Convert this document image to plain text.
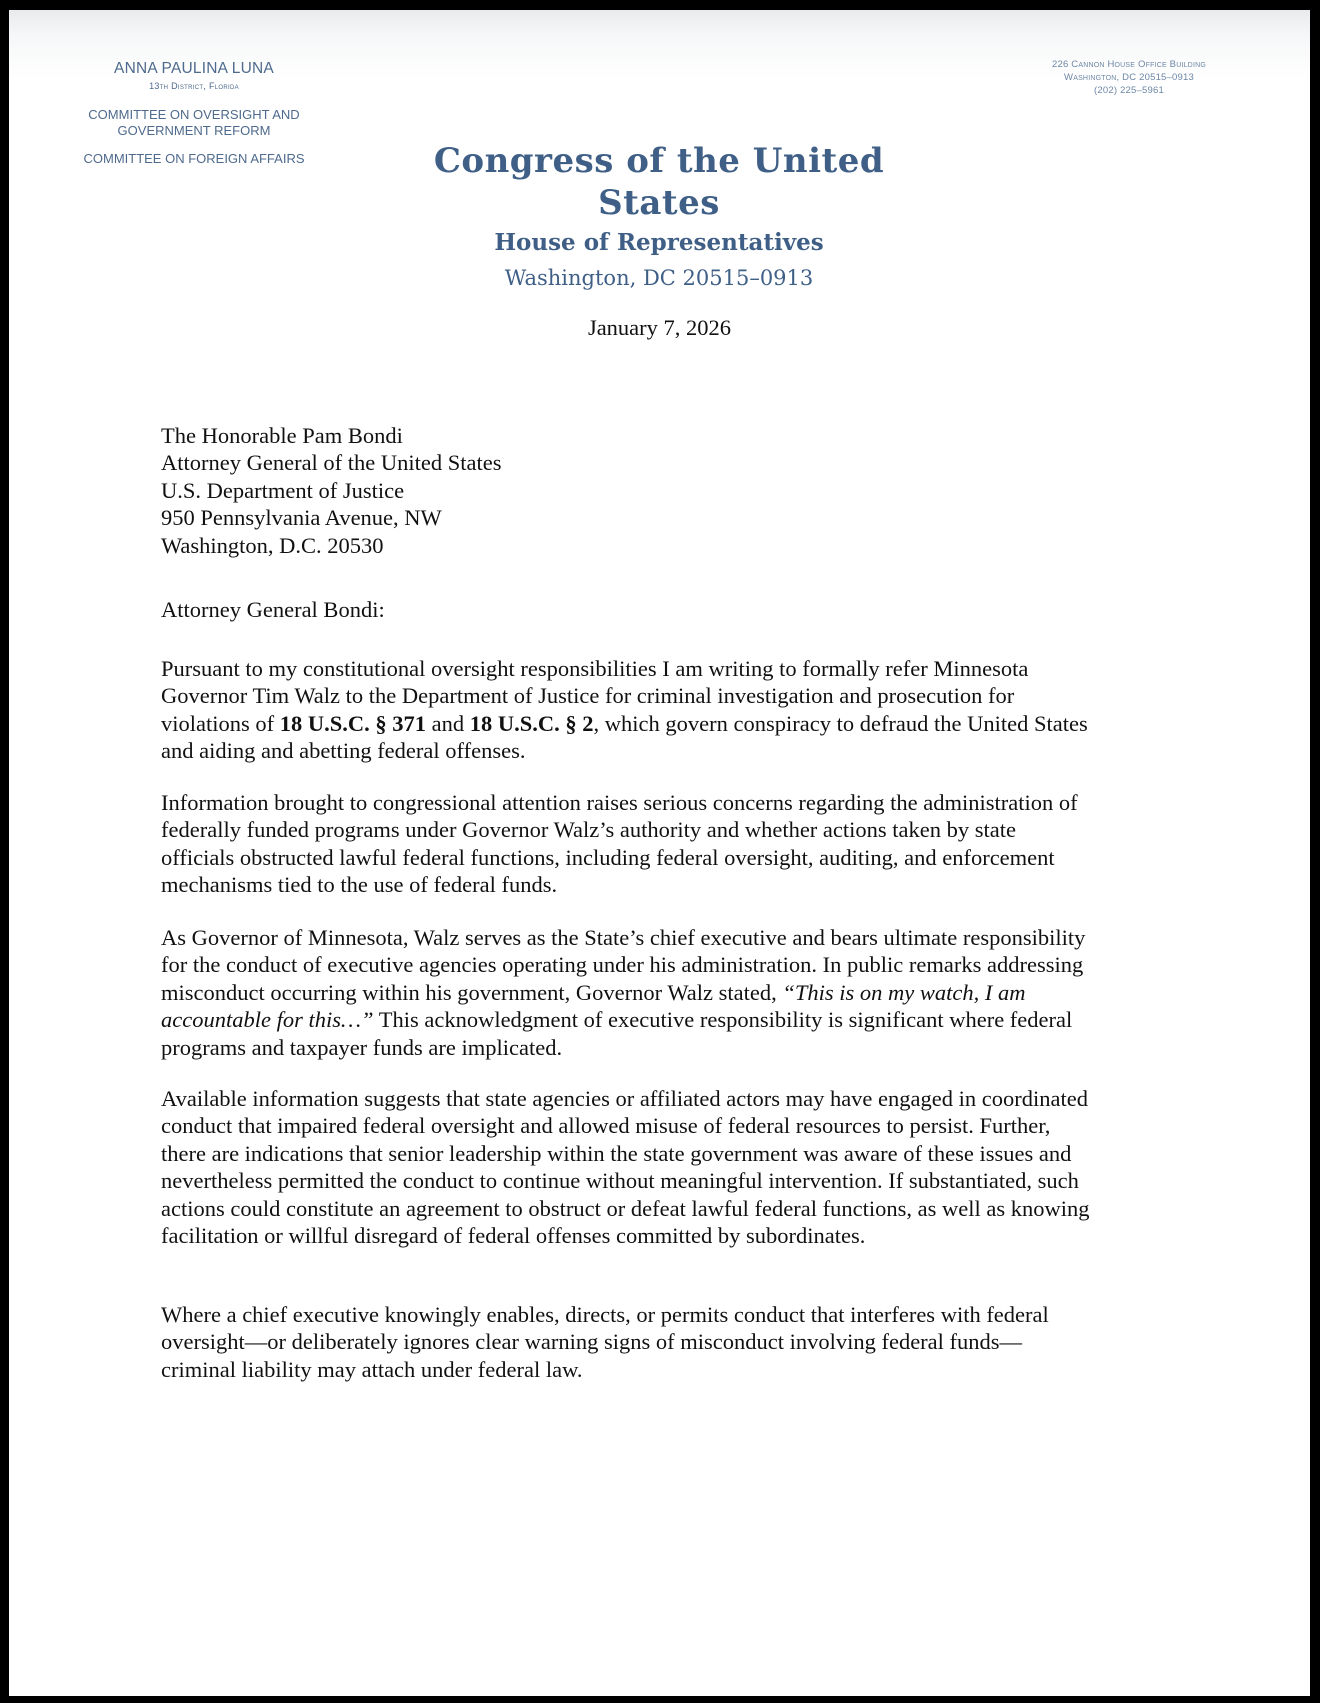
ANNA PAULINA LUNA
13th District, Florida
COMMITTEE ON OVERSIGHT AND
GOVERNMENT REFORM
COMMITTEE ON FOREIGN AFFAIRS	Congress of the United States
House of Representatives
Washington, DC 20515–0913
226 Cannon House Office Building
Washington, DC 20515–0913
(202) 225–5961
January 7, 2026
The Honorable Pam Bondi
Attorney General of the United States
U.S. Department of Justice
950 Pennsylvania Avenue, NW
Washington, D.C. 20530
Attorney General Bondi:
Pursuant to my constitutional oversight responsibilities I am writing to formally refer Minnesota Governor Tim Walz to the Department of Justice for criminal investigation and prosecution for violations of 18 U.S.C. § 371 and 18 U.S.C. § 2, which govern conspiracy to defraud the United States and aiding and abetting federal offenses.
Information brought to congressional attention raises serious concerns regarding the administration of federally funded programs under Governor Walz’s authority and whether actions taken by state officials obstructed lawful federal functions, including federal oversight, auditing, and enforcement mechanisms tied to the use of federal funds.
As Governor of Minnesota, Walz serves as the State’s chief executive and bears ultimate responsibility for the conduct of executive agencies operating under his administration. In public remarks addressing misconduct occurring within his government, Governor Walz stated, “This is on my watch, I am accountable for this…” This acknowledgment of executive responsibility is significant where federal programs and taxpayer funds are implicated.
Available information suggests that state agencies or affiliated actors may have engaged in coordinated conduct that impaired federal oversight and allowed misuse of federal resources to persist. Further, there are indications that senior leadership within the state government was aware of these issues and nevertheless permitted the conduct to continue without meaningful intervention. If substantiated, such actions could constitute an agreement to obstruct or defeat lawful federal functions, as well as knowing facilitation or willful disregard of federal offenses committed by subordinates.
Where a chief executive knowingly enables, directs, or permits conduct that interferes with federal oversight—or deliberately ignores clear warning signs of misconduct involving federal funds—criminal liability may attach under federal law.
